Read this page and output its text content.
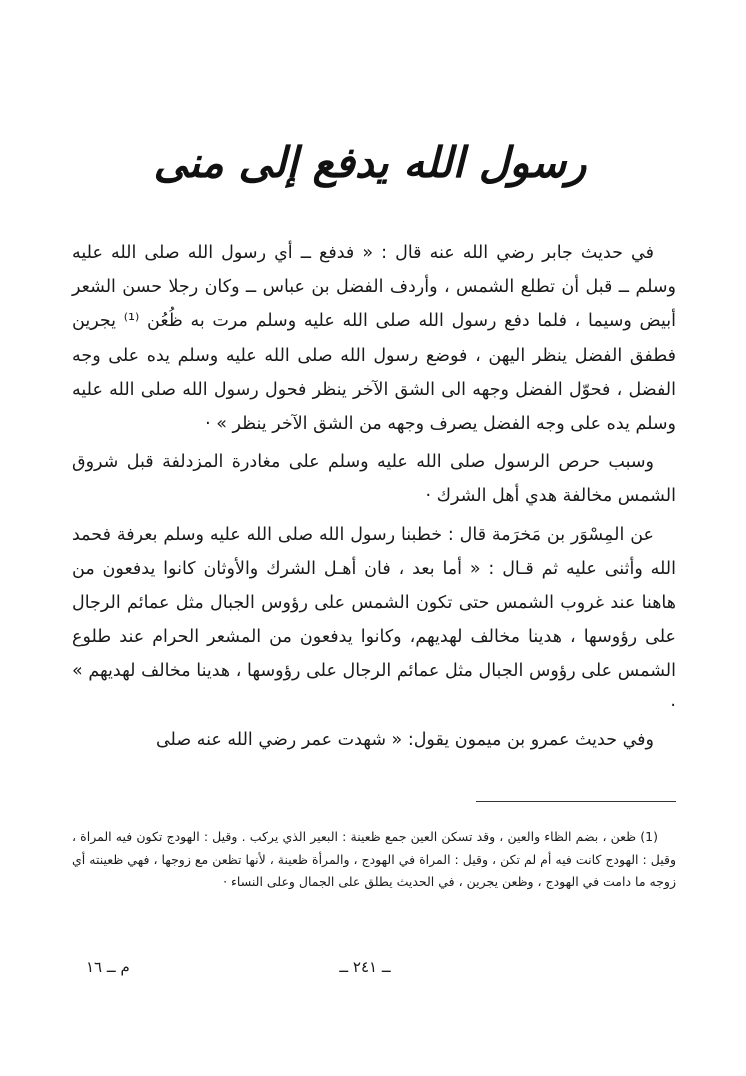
رسول الله يدفع إلى منى

في حديث جابر رضي الله عنه قال : « فدفع ــ أي رسول الله صلى الله عليه وسلم ــ قبل أن تطلع الشمس ، وأردف الفضل بن عباس ــ وكان رجلا حسن الشعر أبيض وسيما ، فلما دفع رسول الله صلى الله عليه وسلم مرت به ظُعُن ⁽¹⁾ يجرين فطفق الفضل ينظر اليهن ، فوضع رسول الله صلى الله عليه وسلم يده على وجه الفضل ، فحوّل الفضل وجهه الى الشق الآخر ينظر فحول رسول الله صلى الله عليه وسلم يده على وجه الفضل يصرف وجهه من الشق الآخر ينظر » ·

وسبب حرص الرسول صلى الله عليه وسلم على مغادرة المزدلفة قبل شروق الشمس مخالفة هدي أهل الشرك ·

عن المِسْوَر بن مَخرَمة قال : خطبنا رسول الله صلى الله عليه وسلم بعرفة فحمد الله وأثنى عليه ثم قـال : « أما بعد ، فان أهـل الشرك والأوثان كانوا يدفعون من هاهنا عند غروب الشمس حتى تكون الشمس على رؤوس الجبال مثل عمائم الرجال على رؤوسها ، هدينا مخالف لهديهم، وكانوا يدفعون من المشعر الحرام عند طلوع الشمس على رؤوس الجبال مثل عمائم الرجال على رؤوسها ، هدينا مخالف لهديهم » ·

وفي حديث عمرو بن ميمون يقول: « شهدت عمر رضي الله عنه صلى

(1) ظعن ، بضم الظاء والعين ، وقد تسكن العين جمع ظعينة : البعير الذي يركب . وقيل : الهودج تكون فيه المراة ، وقيل : الهودج كانت فيه أم لم تكن ، وقيل : المراة في الهودج ، والمرأة ظعينة ، لأنها تظعن مع زوجها ، فهي ظعينته أي زوجه ما دامت في الهودج ، وظعن يجرين ، في الحديث يطلق على الجمال وعلى النساء ·

ــ ٢٤١ ــ
م ــ ١٦
